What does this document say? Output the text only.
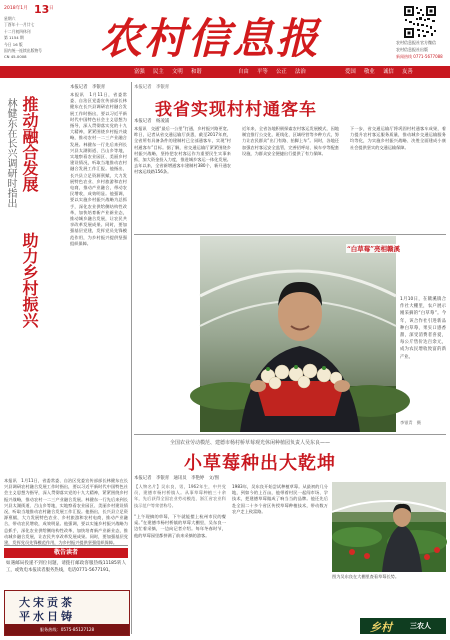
2018年1月 13 日
星期六
丁酉年十一月廿七
十二月初四休刊
第 1154 期
今日 16 版
国内统一连续出版物号
CN 45-0008	农村信息报	农村信息报社官方微信
农村信息报社出版
新闻热线 0771-5677088
富强 民主 文明 和谐	自由 平等 公正 法治	爱国 敬业 诚信 友善
林健东在长兴调研时指出 推动融合发展
助力乡村振兴
本报记者　李银青
本报讯　1月11日，省委常委、自治区党委宣传部部长林健东在长兴县调研农村融合发展工作时指出，要以习近平新时代中国特色社会主义思想为指导，深入贯彻落实党的十九大精神，紧紧围绕乡村振兴战略，推动农村一二三产业融合发展。林健东一行先后来到长兴县太湖街道、吕山乡等地，实地察看农业园区、美丽乡村建设情况，听取当地推动农村融合发展工作汇报。他指出，长兴县立足资源禀赋，大力发展特色农业、乡村旅游和农村电商，推动产业融合，带动农民增收，成效明显。他强调，要以实施乡村振兴战略为总抓手，深化农业供给侧结构性改革，加快培育新产业新业态，推动城乡融合发展，让农民共享改革发展成果。同时，要加强基层党建，发挥党员先锋模范作用，为乡村振兴提供坚强组织保障。
本报讯　1月11日，省委常委、自治区党委宣传部部长林健东在长兴县调研农村融合发展工作时指出，要以习近平新时代中国特色社会主义思想为指导，深入贯彻落实党的十九大精神，紧紧围绕乡村振兴战略，推动农村一二三产业融合发展。林健东一行先后来到长兴县太湖街道、吕山乡等地，实地察看农业园区、美丽乡村建设情况，听取当地推动农村融合发展工作汇报。他指出，长兴县立足资源禀赋，大力发展特色农业、乡村旅游和农村电商，推动产业融合，带动农民增收，成效明显。他强调，要以实施乡村振兴战略为总抓手，深化农业供给侧结构性改革，加快培育新产业新业态，推动城乡融合发展，让农民共享改革发展成果。同时，要加强基层党建，发挥党员先锋模范作用，为乡村振兴提供坚强组织保障。
敬告读者
如遇邮局投递不到位问题，请拨打邮政客服热线11185转人工，或致电本报读者服务热线，电话0771-5677191。
大宋贡茶
平水日铸
服务热线：0575-85127128
本报记者　李银青
我省实现村村通客车
本报记者　杨凌浦
本报讯　交通“最后一公里”打通，乡村振兴路更宽。昨日，记者从省交通运输厅获悉，截至2017年底，全省所有具备条件的建制村已全部通客车，实现“村村通客车”目标。据了解，省交通运输厅紧紧围绕乡村振兴战略，坚持把农村客运作为重要民生实事来抓，加大资金投入力度，推进城乡客运一体化发展。去年以来，全省新增通客车建制村380个，新开通农村客运线路156条。
近年来，全省各地积极探索农村客运发展模式，因地制宜推行公交化、班线化、区域经营等多种方式，努力让农民群众“出门有路、抬脚上车”。同时，各地还加强农村客运安全监管，完善招呼站、候车亭等配套设施，为群众安全便捷出行提供了有力保障。
下一步，省交通运输厅将巩固村村通客车成果，着力提升农村客运服务质量，推动城乡交通运输服务均等化，为实施乡村振兴战略、决胜全面建成小康社会提供坚实的交通运输保障。
“白草莓”亮相赣溪
1月10日，在赣溪镇合作社大棚里，农户展示刚采摘的“白草莓”。今年，该合作社引进新品种白草莓，果实口感香甜，深受消费者喜爱，每公斤售价达百余元，成为农民增收致富的新产业。
李银青　摄
全国农业劳动模范、建德市杨村桥草莓观光休闲种植园负责人吴东良——
小草莓种出大乾坤
本报记者　李银青　通讯员　李艳婷　文/图
【人物名片】吴东良，男，1962年生，中共党员，建德市杨村桥镇人。从事草莓种植三十余年，先后获得全国农业劳动模范、浙江省农业科技示范户等荣誉称号。
“上午现摘的草莓，下午就能摆上杭州市民的餐桌。”在建德市杨村桥镇的草莓大棚里，吴东良一边忙着采摘，一边向记者介绍。每年冬春时节，他的草莓园里都挤满了前来采摘的游客。
1983年，吴东良开始尝试种植草莓。从最初的几分地，到如今的上百亩，他带着村民一起闯市场、学技术，把建德草莓做成了响当当的品牌。他还先后赴全国二十多个省区传授草莓种植技术，带动数万农户走上致富路。
图为吴东良在大棚里查看草莓长势。
乡村	三农人
